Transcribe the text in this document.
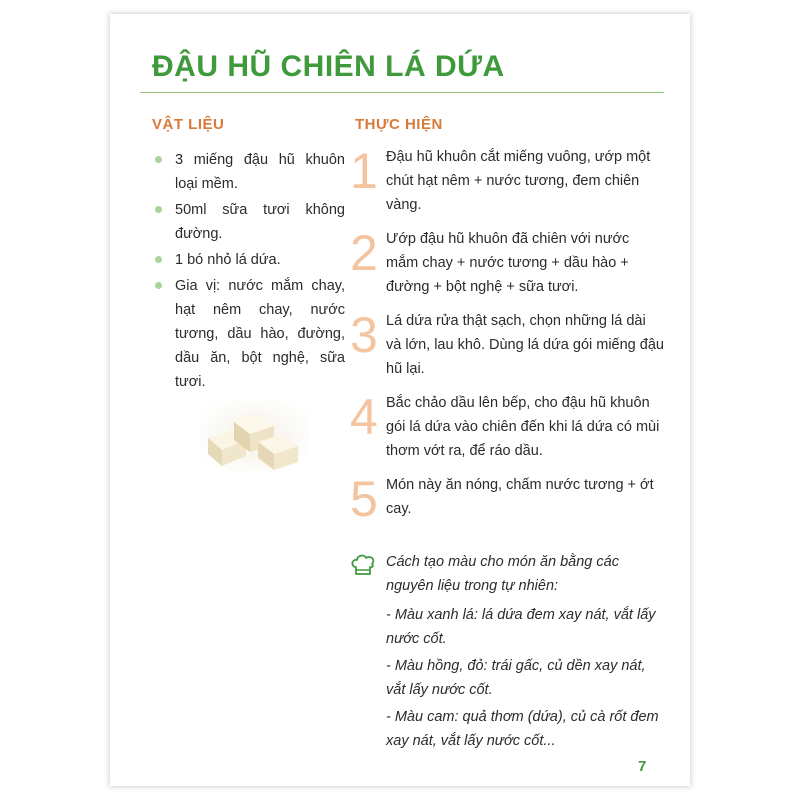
ĐẬU HŨ CHIÊN LÁ DỨA
VẬT LIỆU	THỰC HIỆN
3 miếng đậu hũ khuôn loại mềm.
50ml sữa tươi không đường.
1 bó nhỏ lá dứa.
Gia vị: nước mắm chay, hạt nêm chay, nước tương, dầu hào, đường, dầu ăn, bột nghệ, sữa tươi.
1 Đậu hũ khuôn cắt miếng vuông, ướp một chút hạt nêm + nước tương, đem chiên vàng.

2 Ướp đậu hũ khuôn đã chiên với nước mắm chay + nước tương + dầu hào + đường + bột nghệ + sữa tươi.

3 Lá dứa rửa thật sạch, chọn những lá dài và lớn, lau khô. Dùng lá dứa gói miếng đậu hũ lại.

4 Bắc chảo dầu lên bếp, cho đậu hũ khuôn gói lá dứa vào chiên đến khi lá dứa có mùi thơm vớt ra, để ráo dầu.

5 Món này ăn nóng, chấm nước tương + ớt cay.

Cách tạo màu cho món ăn bằng các nguyên liệu trong tự nhiên:

- Màu xanh lá: lá dứa đem xay nát, vắt lấy nước cốt.
- Màu hồng, đỏ: trái gấc, củ dền xay nát, vắt lấy nước cốt.
- Màu cam: quả thơm (dứa), củ cà rốt đem xay nát, vắt lấy nước cốt...
7
